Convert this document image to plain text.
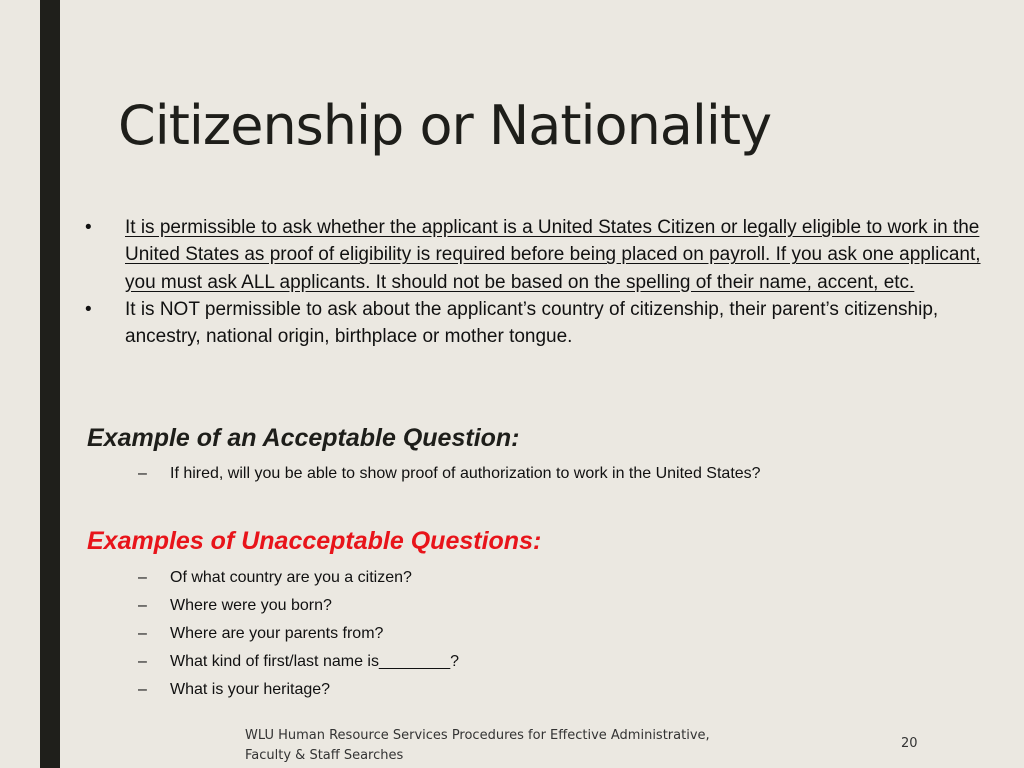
Citizenship or Nationality
•	It is permissible to ask whether the applicant is a United States Citizen or legally eligible to work in the United States as proof of eligibility is required before being placed on payroll. If you ask one applicant, you must ask ALL applicants. It should not be based on the spelling of their name, accent, etc.
•	It is NOT permissible to ask about the applicant’s country of citizenship, their parent’s citizenship, ancestry, national origin, birthplace or mother tongue.
Example of an Acceptable Question:
–	If hired, will you be able to show proof of authorization to work in the United States?
Examples of Unacceptable Questions:
–	Of what country are you a citizen?
–	Where were you born?
–	Where are your parents from?
–	What kind of first/last name is________?
–	What is your heritage?
WLU Human Resource Services Procedures for Effective Administrative,
Faculty & Staff Searches
20
